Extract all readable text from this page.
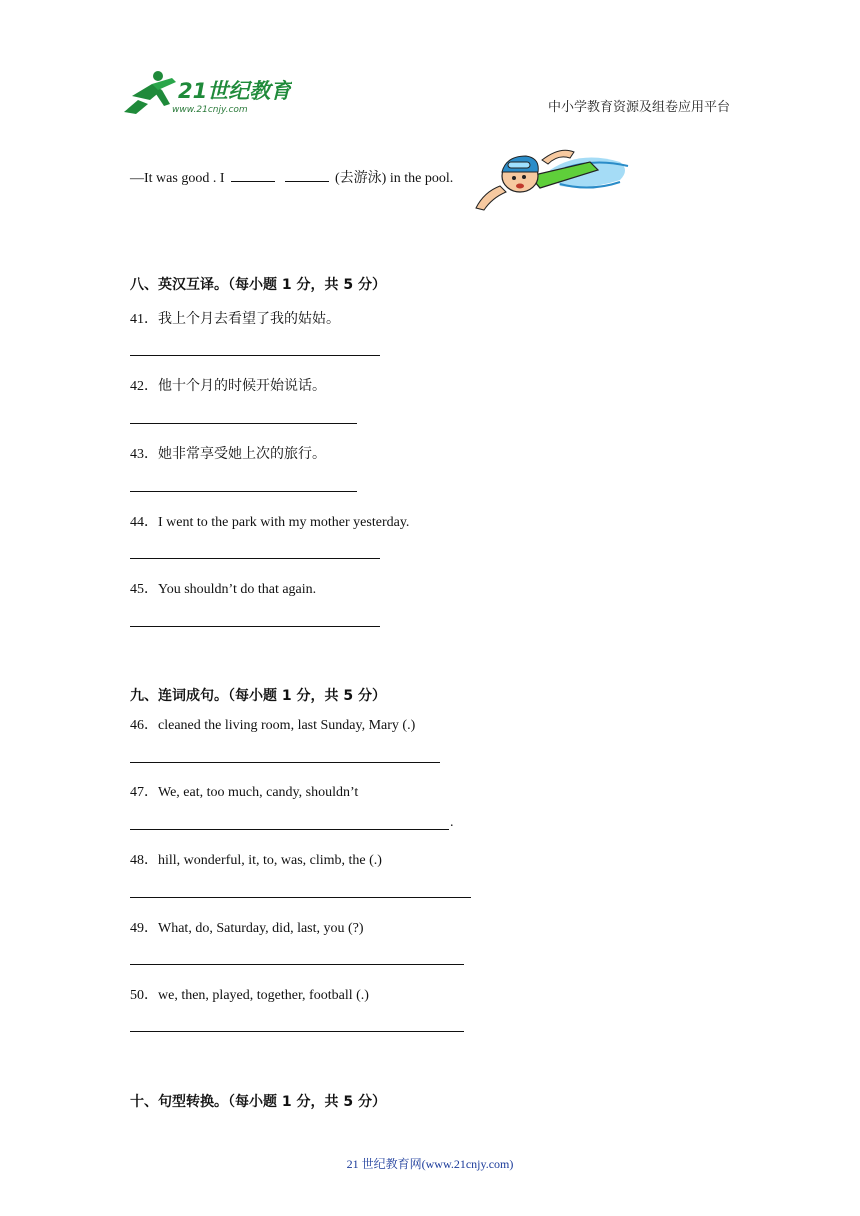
21世纪教育
www.21cnjy.com	中小学教育资源及组卷应用平台
—It was good . I	(去游泳) in the pool.
八、英汉互译。（每小题 1 分，共 5 分）
41．我上个月去看望了我的姑姑。
42．他十个月的时候开始说话。
43．她非常享受她上次的旅行。
44．I went to the park with my mother yesterday.
45．You shouldn’t do that again.
九、连词成句。（每小题 1 分，共 5 分）
46．cleaned the living room, last Sunday, Mary (.)
47．We, eat, too much, candy, shouldn’t
.
48．hill, wonderful, it, to, was, climb, the (.)
49．What, do, Saturday, did, last, you (?)
50．we, then, played, together, football (.)
十、句型转换。（每小题 1 分，共 5 分）
21 世纪教育网(www.21cnjy.com)
